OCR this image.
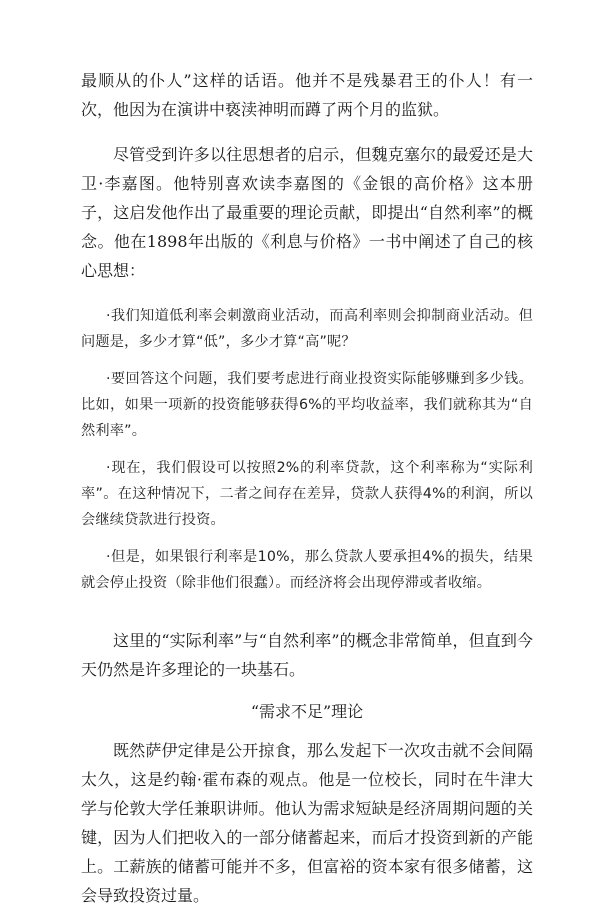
最顺从的仆人”这样的话语。他并不是残暴君王的仆人！有一次，他因为在演讲中亵渎神明而蹲了两个月的监狱。

尽管受到许多以往思想者的启示，但魏克塞尔的最爱还是大卫·李嘉图。他特别喜欢读李嘉图的《金银的高价格》这本册子，这启发他作出了最重要的理论贡献，即提出“自然利率”的概念。他在1898年出版的《利息与价格》一书中阐述了自己的核心思想：

·我们知道低利率会刺激商业活动，而高利率则会抑制商业活动。但问题是，多少才算“低”，多少才算“高”呢？

·要回答这个问题，我们要考虑进行商业投资实际能够赚到多少钱。比如，如果一项新的投资能够获得6%的平均收益率，我们就称其为“自然利率”。

·现在，我们假设可以按照2%的利率贷款，这个利率称为“实际利率”。在这种情况下，二者之间存在差异，贷款人获得4%的利润，所以会继续贷款进行投资。

·但是，如果银行利率是10%，那么贷款人要承担4%的损失，结果就会停止投资（除非他们很蠢）。而经济将会出现停滞或者收缩。

这里的“实际利率”与“自然利率”的概念非常简单，但直到今天仍然是许多理论的一块基石。

“需求不足”理论

既然萨伊定律是公开掠食，那么发起下一次攻击就不会间隔太久，这是约翰·霍布森的观点。他是一位校长，同时在牛津大学与伦敦大学任兼职讲师。他认为需求短缺是经济周期问题的关键，因为人们把收入的一部分储蓄起来，而后才投资到新的产能上。工薪族的储蓄可能并不多，但富裕的资本家有很多储蓄，这会导致投资过量。
